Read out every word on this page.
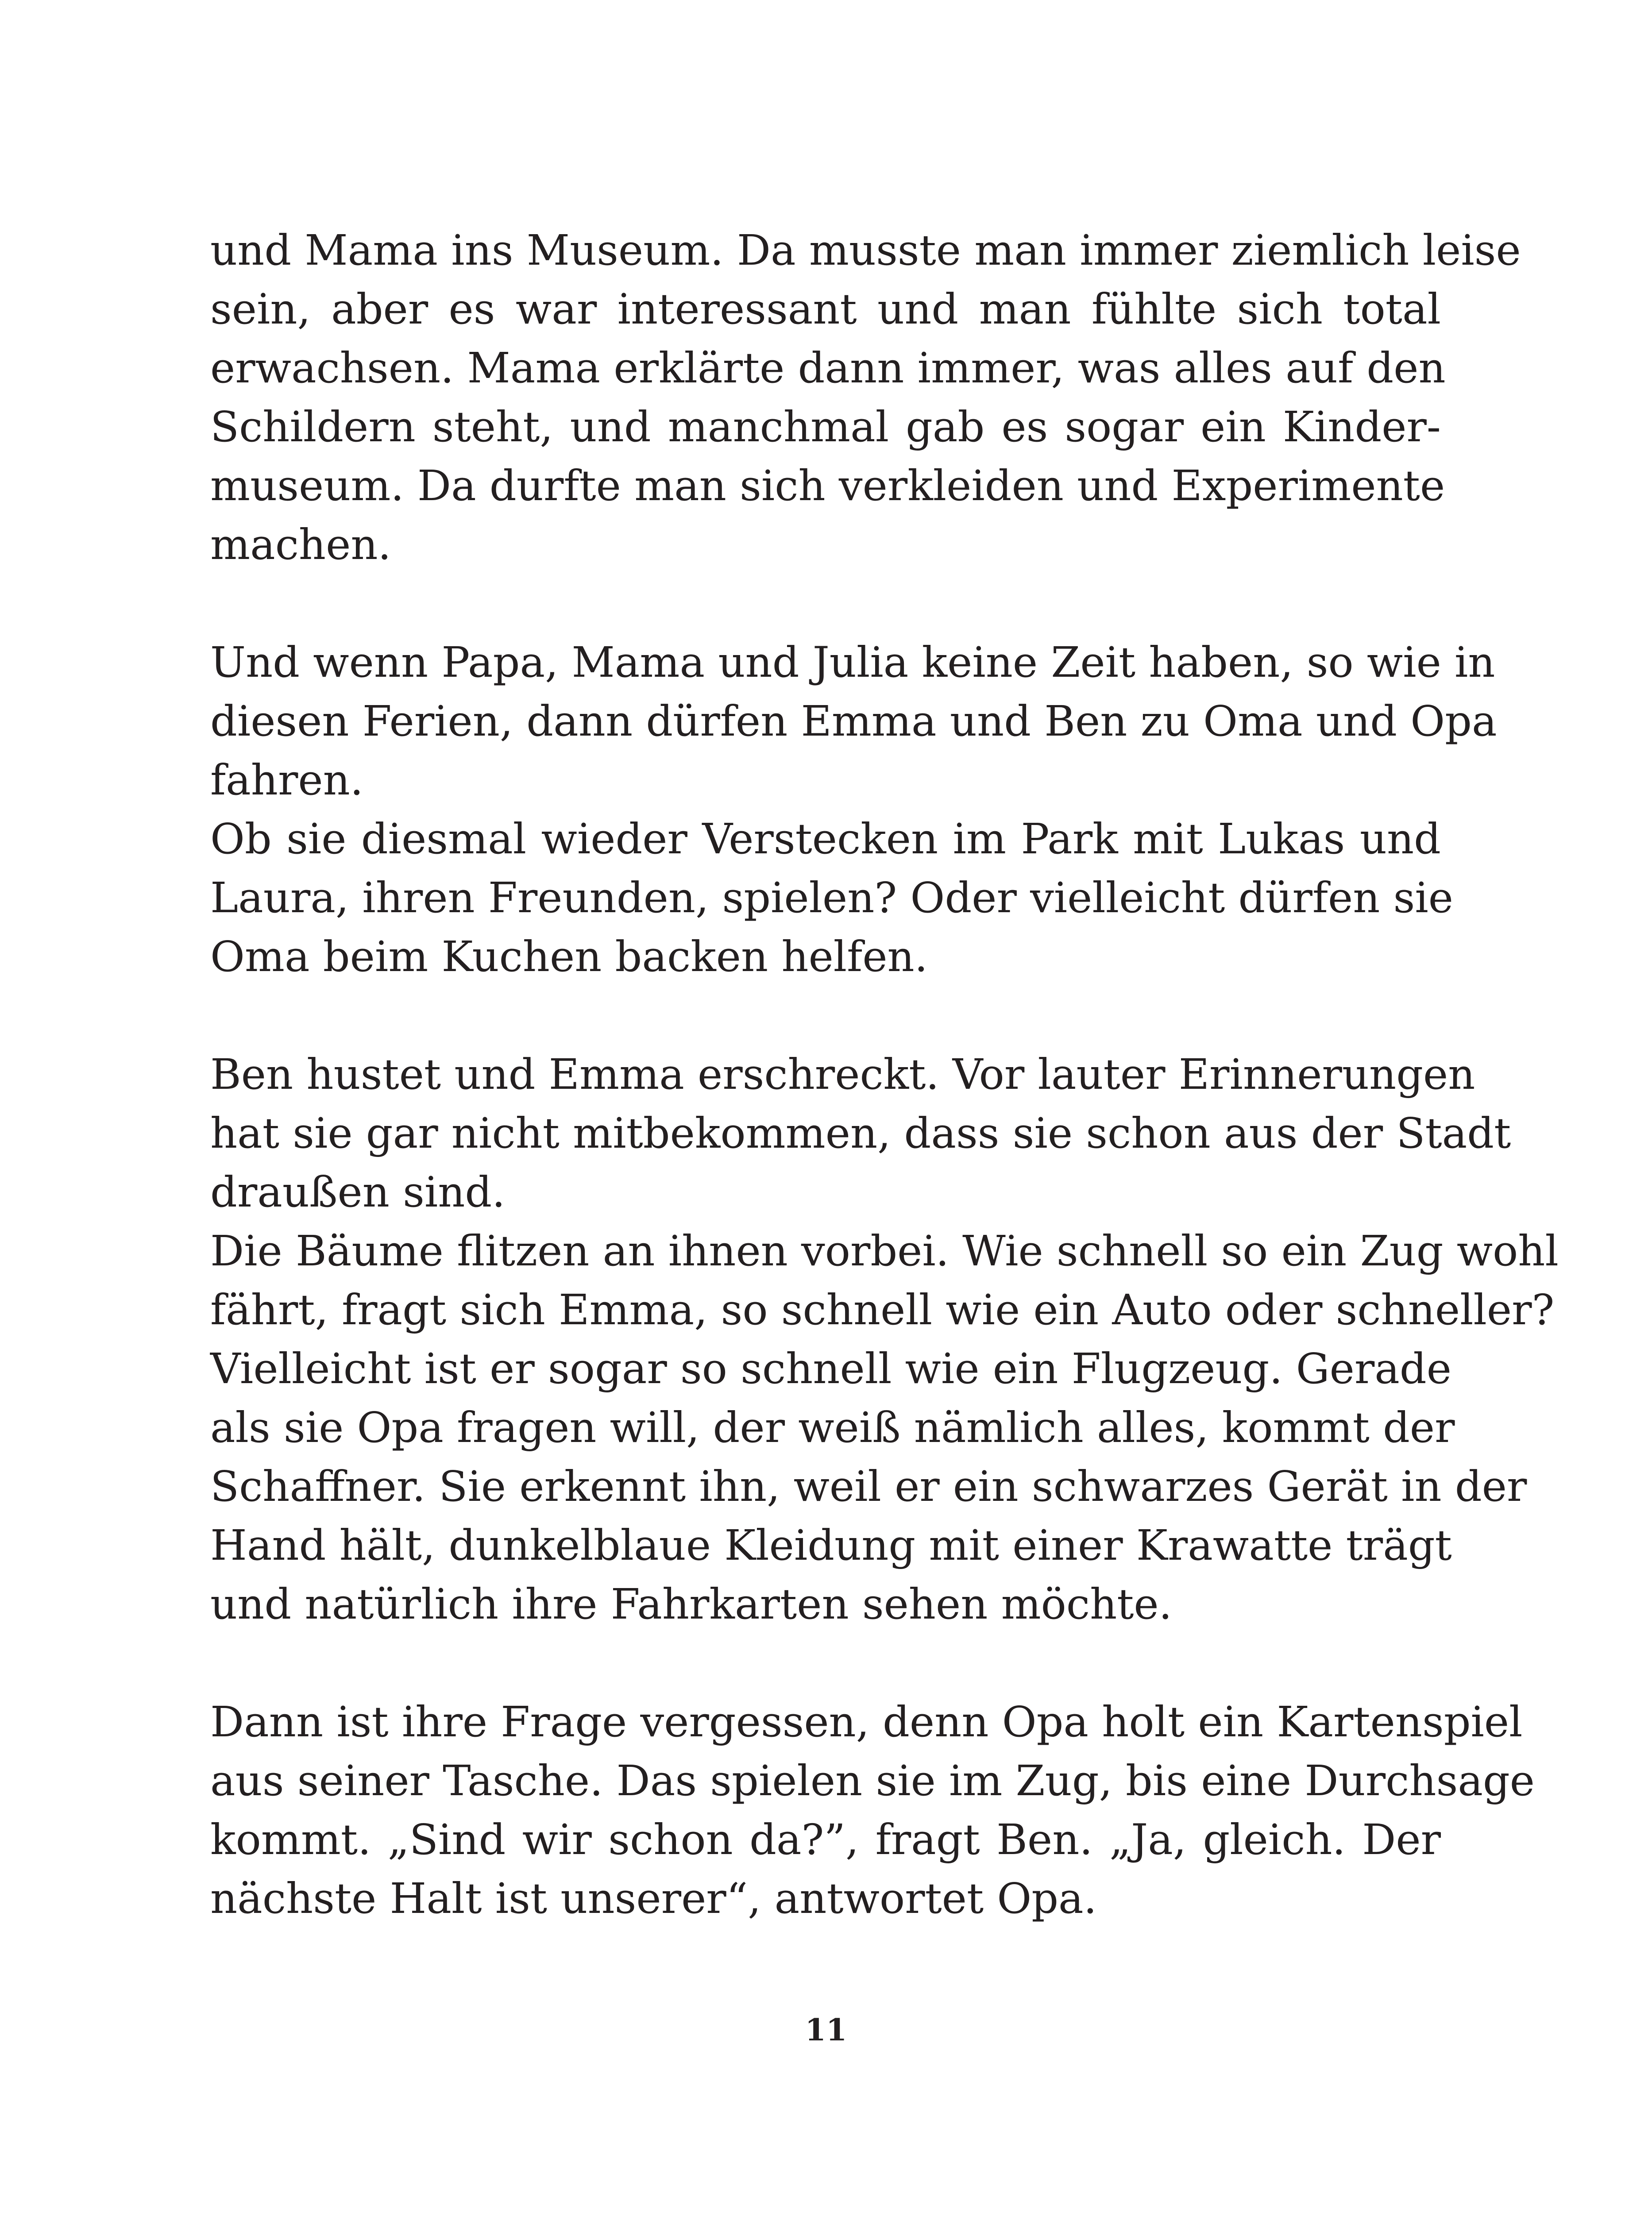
und Mama ins Museum. Da musste man immer ziemlich leise
sein, aber es war interessant und man fühlte sich total
erwachsen. Mama erklärte dann immer, was alles auf den
Schildern steht, und manchmal gab es sogar ein Kinder-
museum. Da durfte man sich verkleiden und Experimente
machen.
Und wenn Papa, Mama und Julia keine Zeit haben, so wie in
diesen Ferien, dann dürfen Emma und Ben zu Oma und Opa
fahren.
Ob sie diesmal wieder Verstecken im Park mit Lukas und
Laura, ihren Freunden, spielen? Oder vielleicht dürfen sie
Oma beim Kuchen backen helfen.
Ben hustet und Emma erschreckt. Vor lauter Erinnerungen
hat sie gar nicht mitbekommen, dass sie schon aus der Stadt
draußen sind.
Die Bäume flitzen an ihnen vorbei. Wie schnell so ein Zug wohl
fährt, fragt sich Emma, so schnell wie ein Auto oder schneller?
Vielleicht ist er sogar so schnell wie ein Flugzeug. Gerade
als sie Opa fragen will, der weiß nämlich alles, kommt der
Schaffner. Sie erkennt ihn, weil er ein schwarzes Gerät in der
Hand hält, dunkelblaue Kleidung mit einer Krawatte trägt
und natürlich ihre Fahrkarten sehen möchte.
Dann ist ihre Frage vergessen, denn Opa holt ein Kartenspiel
aus seiner Tasche. Das spielen sie im Zug, bis eine Durchsage
kommt. „Sind wir schon da?”, fragt Ben. „Ja, gleich. Der
nächste Halt ist unserer“, antwortet Opa.
11
